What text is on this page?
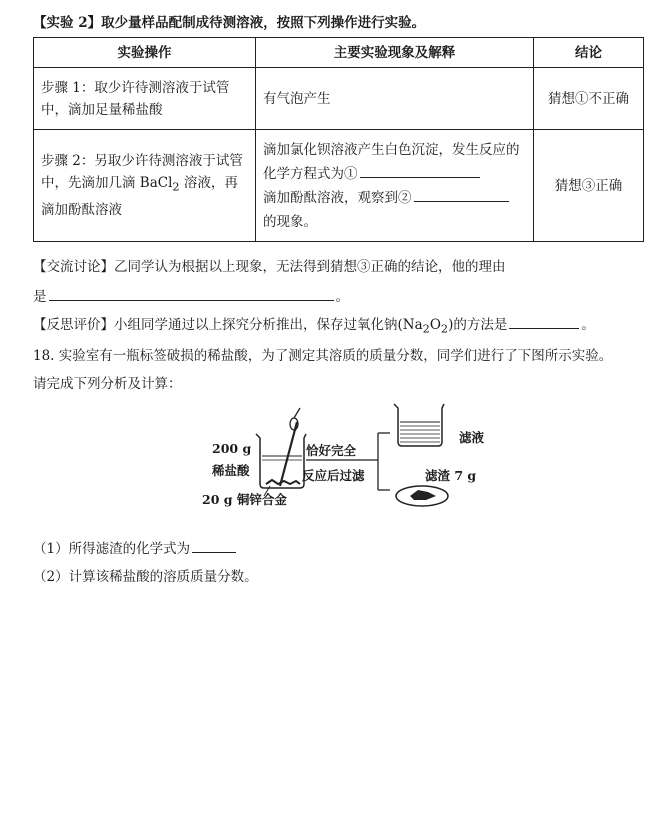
【实验 2】取少量样品配制成待测溶液，按照下列操作进行实验。
实验操作	主要实验现象及解释	结论
步骤 1：取少许待测溶液于试管中，滴加足量稀盐酸	有气泡产生	猜想①不正确
步骤 2：另取少许待测溶液于试管中，先滴加几滴 BaCl$_2$ 溶液，再滴加酚酞溶液	滴加氯化钡溶液产生白色沉淀，发生反应的化学方程式为①
滴加酚酞溶液，观察到②
的现象。	猜想③正确
【交流讨论】乙同学认为根据以上现象，无法得到猜想③正确的结论，他的理由
是	。
【反思评价】小组同学通过以上探究分析推出，保存过氧化钠$(Na_2O_2)$的方法是	。
18. 实验室有一瓶标签破损的稀盐酸，为了测定其溶质的质量分数，同学们进行了下图所示实验。
请完成下列分析及计算：
200 g
稀盐酸
20 g 铜锌合金
恰好完全
反应后过滤
滤液
滤渣 7 g
（1）所得滤渣的化学式为
（2）计算该稀盐酸的溶质质量分数。
